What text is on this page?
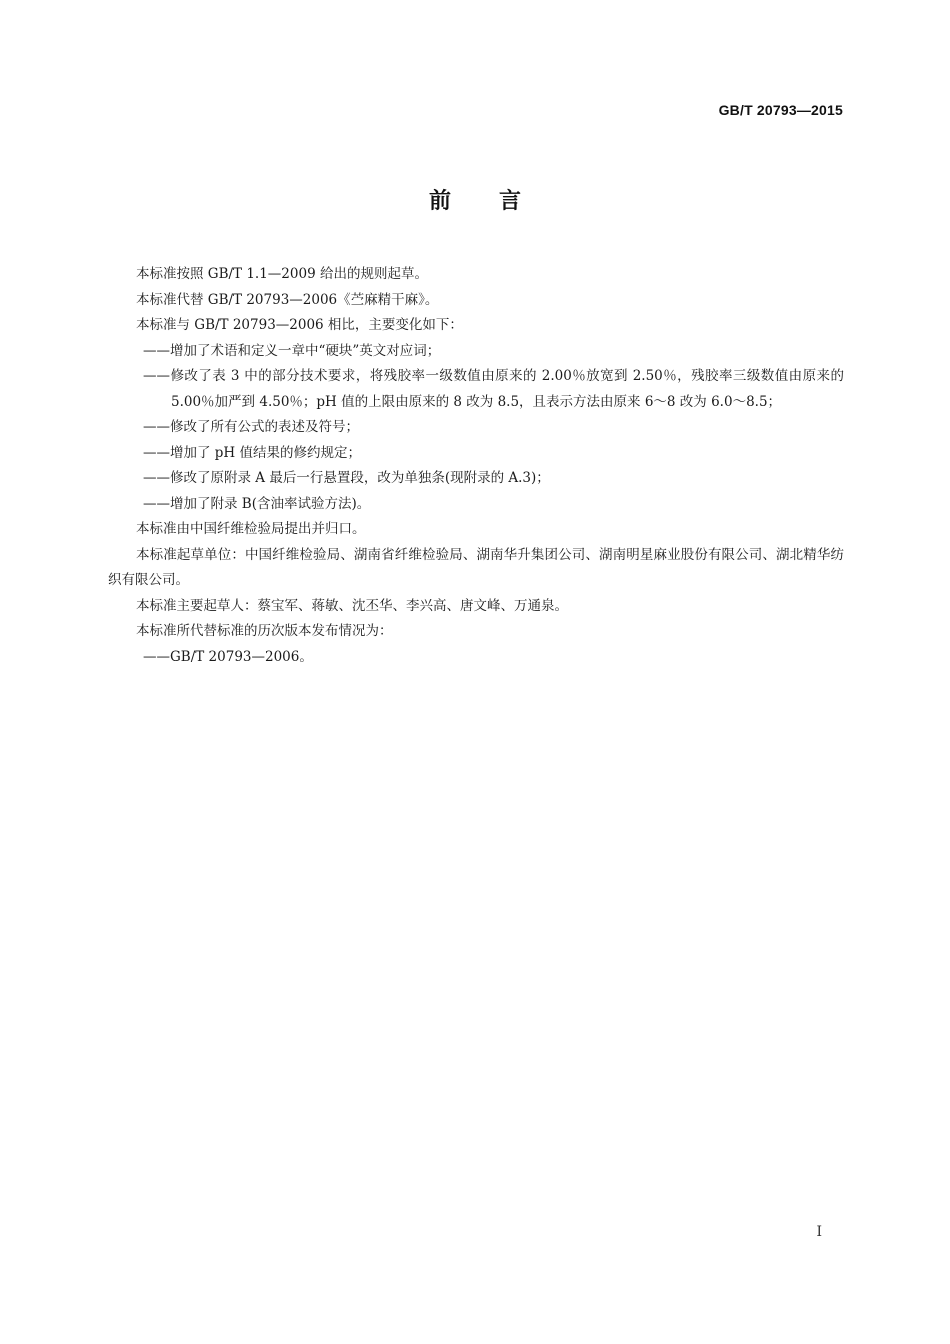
GB/T 20793—2015
前 言

本标准按照 GB/T 1.1—2009 给出的规则起草。

本标准代替 GB/T 20793—2006《苎麻精干麻》。

本标准与 GB/T 20793—2006 相比，主要变化如下：

——增加了术语和定义一章中“硬块”英文对应词；

——修改了表 3 中的部分技术要求，将残胶率一级数值由原来的 2.00％放宽到 2.50％，残胶率三级数值由原来的 5.00％加严到 4.50％；pH 值的上限由原来的 8 改为 8.5，且表示方法由原来 6～8 改为 6.0～8.5；

——修改了所有公式的表述及符号；

——增加了 pH 值结果的修约规定；

——修改了原附录 A 最后一行悬置段，改为单独条(现附录的 A.3)；

——增加了附录 B(含油率试验方法)。

本标准由中国纤维检验局提出并归口。

本标准起草单位：中国纤维检验局、湖南省纤维检验局、湖南华升集团公司、湖南明星麻业股份有限公司、湖北精华纺织有限公司。

本标准主要起草人：蔡宝军、蒋敏、沈丕华、李兴高、唐文峰、万通泉。

本标准所代替标准的历次版本发布情况为：

——GB/T 20793—2006。

I
